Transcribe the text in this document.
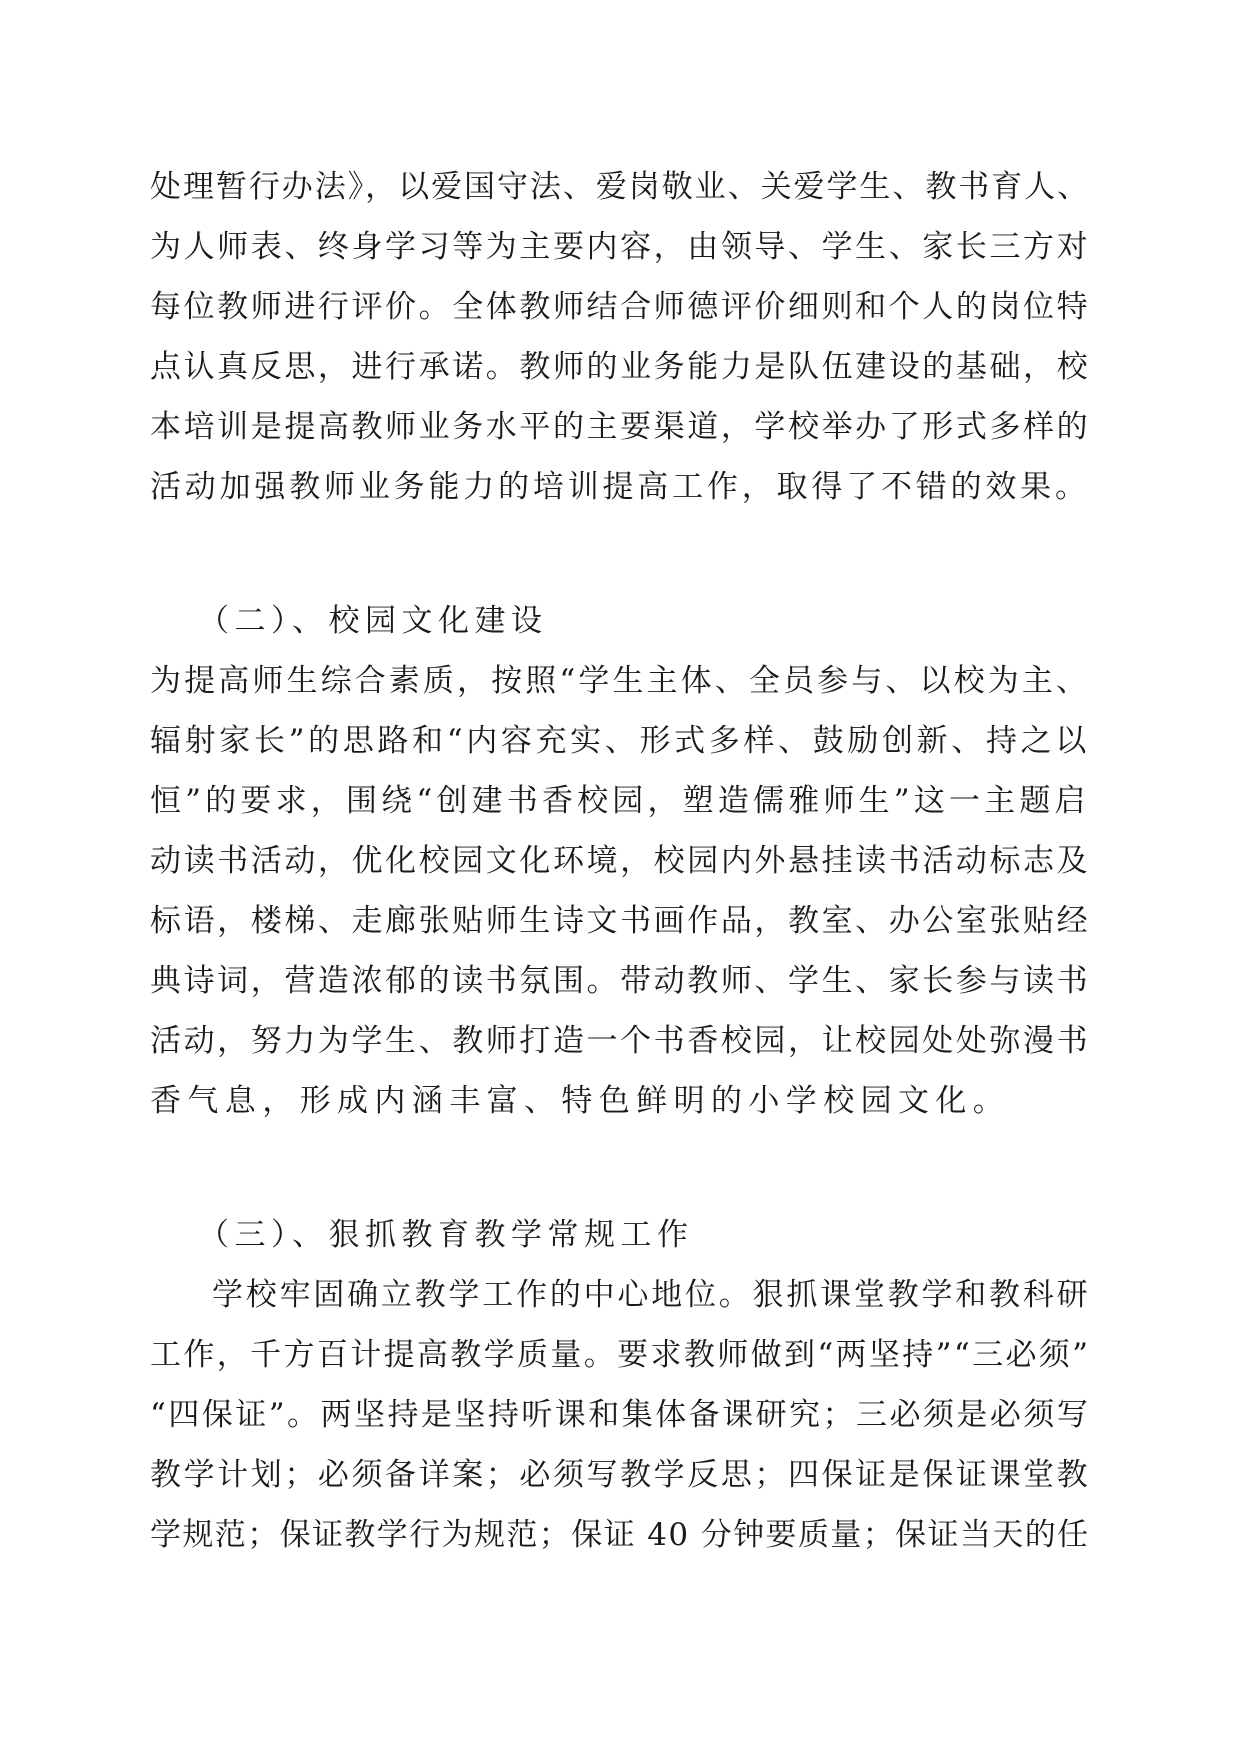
处理暂行办法》，以爱国守法、爱岗敬业、关爱学生、教书育人、
为人师表、终身学习等为主要内容，由领导、学生、家长三方对
每位教师进行评价。全体教师结合师德评价细则和个人的岗位特
点认真反思，进行承诺。教师的业务能力是队伍建设的基础，校
本培训是提高教师业务水平的主要渠道，学校举办了形式多样的
活动加强教师业务能力的培训提高工作，取得了不错的效果。
（二）、校园文化建设
为提高师生综合素质，按照“学生主体、全员参与、以校为主、
辐射家长”的思路和“内容充实、形式多样、鼓励创新、持之以
恒”的要求，围绕“创建书香校园，塑造儒雅师生”这一主题启
动读书活动，优化校园文化环境，校园内外悬挂读书活动标志及
标语，楼梯、走廊张贴师生诗文书画作品，教室、办公室张贴经
典诗词，营造浓郁的读书氛围。带动教师、学生、家长参与读书
活动，努力为学生、教师打造一个书香校园，让校园处处弥漫书
香气息，形成内涵丰富、特色鲜明的小学校园文化。
（三）、狠抓教育教学常规工作
学校牢固确立教学工作的中心地位。狠抓课堂教学和教科研
工作，千方百计提高教学质量。要求教师做到“两坚持”“三必须”
“四保证”。两坚持是坚持听课和集体备课研究；三必须是必须写
教学计划；必须备详案；必须写教学反思；四保证是保证课堂教
学规范；保证教学行为规范；保证 40 分钟要质量；保证当天的任
